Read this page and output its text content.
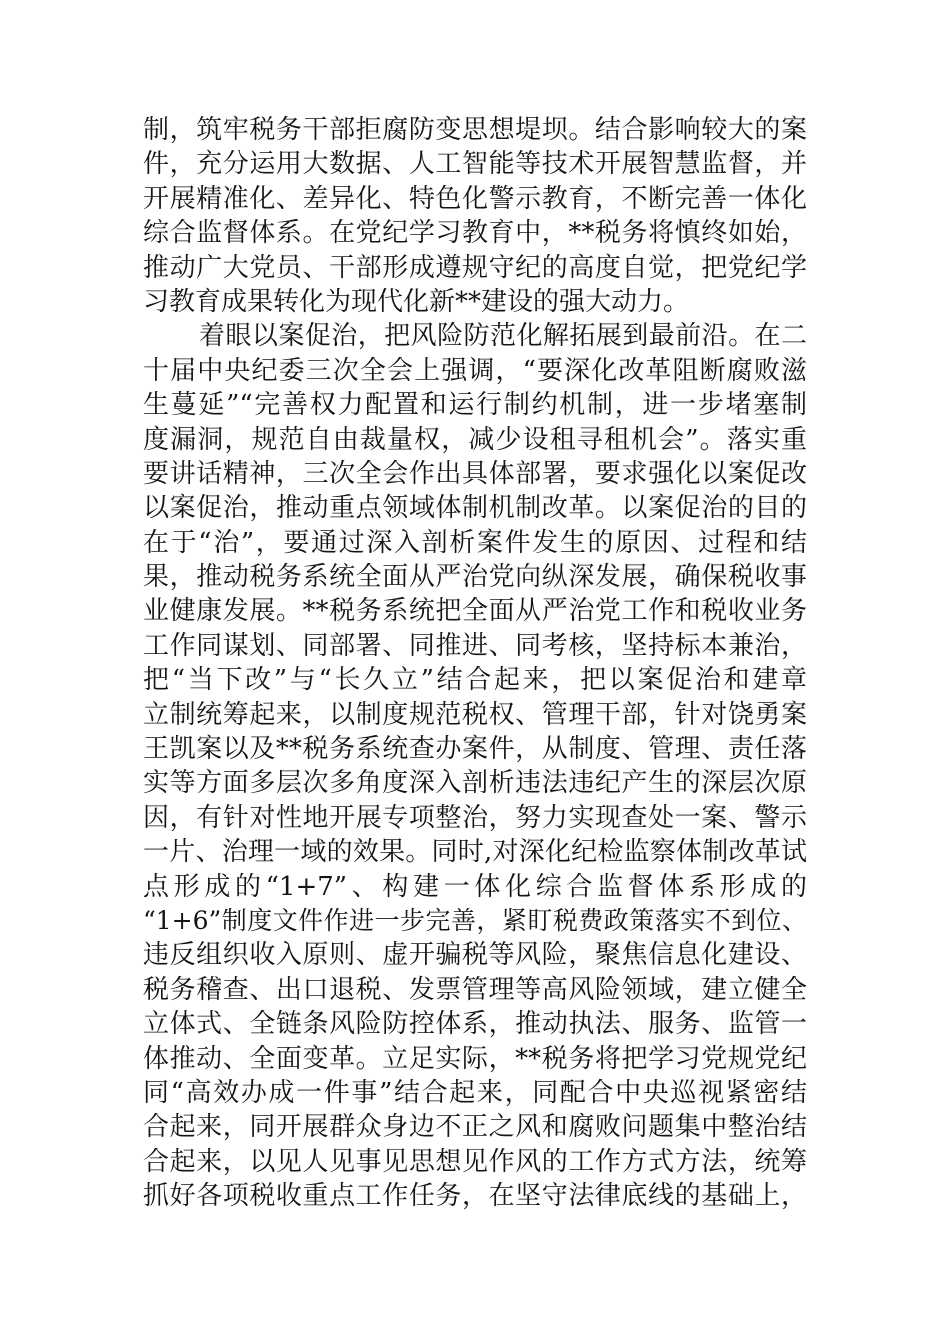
制，筑牢税务干部拒腐防变思想堤坝。结合影响较大的案
件，充分运用大数据、人工智能等技术开展智慧监督，并
开展精准化、差异化、特色化警示教育，不断完善一体化
综合监督体系。在党纪学习教育中，**税务将慎终如始，
推动广大党员、干部形成遵规守纪的高度自觉，把党纪学
习教育成果转化为现代化新**建设的强大动力。
着眼以案促治，把风险防范化解拓展到最前沿。在二
十届中央纪委三次全会上强调，“要深化改革阻断腐败滋
生蔓延”“完善权力配置和运行制约机制，进一步堵塞制
度漏洞，规范自由裁量权，减少设租寻租机会”。落实重
要讲话精神，三次全会作出具体部署，要求强化以案促改
以案促治，推动重点领域体制机制改革。以案促治的目的
在于“治”，要通过深入剖析案件发生的原因、过程和结
果，推动税务系统全面从严治党向纵深发展，确保税收事
业健康发展。**税务系统把全面从严治党工作和税收业务
工作同谋划、同部署、同推进、同考核，坚持标本兼治，
把“当下改”与“长久立”结合起来，把以案促治和建章
立制统筹起来，以制度规范税权、管理干部，针对饶勇案
王凯案以及**税务系统查办案件，从制度、管理、责任落
实等方面多层次多角度深入剖析违法违纪产生的深层次原
因，有针对性地开展专项整治，努力实现查处一案、警示
一片、治理一域的效果。同时,对深化纪检监察体制改革试
点形成的“1+7”、构建一体化综合监督体系形成的
“1+6”制度文件作进一步完善，紧盯税费政策落实不到位、
违反组织收入原则、虚开骗税等风险，聚焦信息化建设、
税务稽查、出口退税、发票管理等高风险领域，建立健全
立体式、全链条风险防控体系，推动执法、服务、监管一
体推动、全面变革。立足实际，**税务将把学习党规党纪
同“高效办成一件事”结合起来，同配合中央巡视紧密结
合起来，同开展群众身边不正之风和腐败问题集中整治结
合起来，以见人见事见思想见作风的工作方式方法，统筹
抓好各项税收重点工作任务，在坚守法律底线的基础上，
